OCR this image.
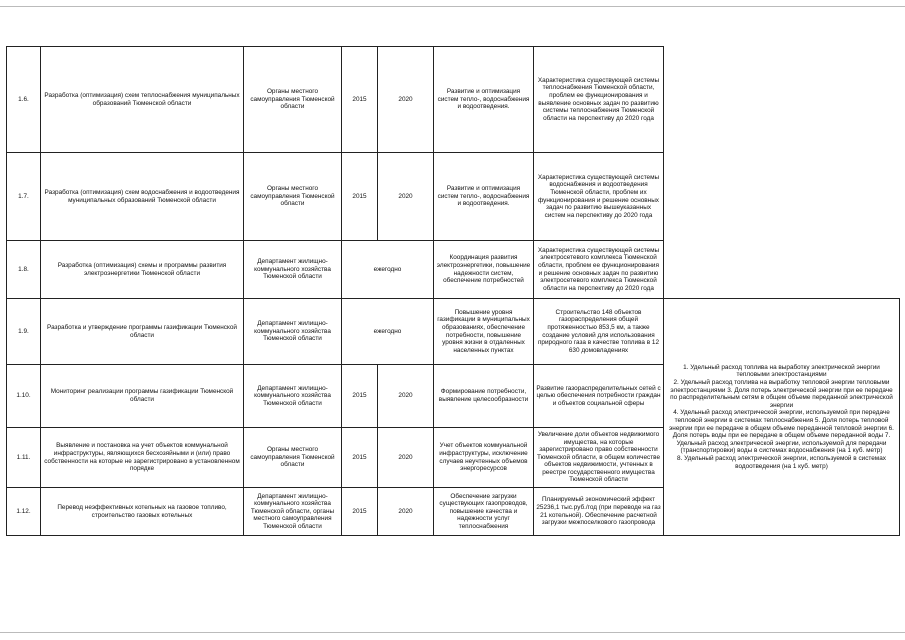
1.6.	Разработка (оптимизация) схем теплоснабжения муниципальных образований Тюменской области	Органы местного самоуправления Тюменской области	2015	2020	Развитие и оптимизация систем тепло-, водоснабжения и водоотведения.	Характеристика существующей системы теплоснабжения Тюменской области, проблем ее функционирования и выявление основных задач по развитию системы теплоснабжения Тюменской области на перспективу до 2020 года	
1.7.	Разработка (оптимизация) схем водоснабжения и водоотведения муниципальных образований Тюменской области	Органы местного самоуправления Тюменской области	2015	2020	Развитие и оптимизация систем тепло-, водоснабжения и водоотведения.	Характеристика существующей системы водоснабжения и водоотведения Тюменской области, проблем их функционирования и решение основных задач по развитию вышеуказанных систем на перспективу до 2020 года	
1.8.	Разработка (оптимизация) схемы и программы развития электроэнергетики Тюменской области	Департамент жилищно-коммунального хозяйства Тюменской области	ежегодно		Координация развития электроэнергетики, повышение надежности систем, обеспечение потребностей	Характеристика существующей системы электросетевого комплекса Тюменской области, проблем ее функционирования и решение основных задач по развитию электросетевого комплекса Тюменской области на перспективу до 2020 года	
1.9.	Разработка и утверждение программы газификации Тюменской области	Департамент жилищно-коммунального хозяйства Тюменской области	ежегодно		Повышение уровня газификации в муниципальных образованиях, обеспечение потребности, повышение уровня жизни в отдаленных населенных пунктах	Строительство 148 объектов газораспределения общей протяженностью 853,5 км, а также создание условий для использования природного газа в качестве топлива в 12 630 домовладениях	1. Удельный расход топлива на выработку электрической энергии тепловыми электростанциями
2. Удельный расход топлива на выработку тепловой энергии тепловыми электростанциями 3. Доля потерь электрической энергии при ее передаче по распределительным сетям в общем объеме переданной электрической энергии
4. Удельный расход электрической энергии, используемой при передаче тепловой энергии в системах теплоснабжения 5. Доля потерь тепловой энергии при ее передаче в общем объеме переданной тепловой энергии 6. Доля потерь воды при ее передаче в общем объеме переданной воды 7. Удельный расход электрической энергии, используемой для передачи (транспортировки) воды в системах водоснабжения (на 1 куб. метр)
8. Удельный расход электрической энергии, используемой в системах водоотведения (на 1 куб. метр)

1.10.	Мониторинг реализации программы газификации Тюменской области	Департамент жилищно-коммунального хозяйства Тюменской области	2015	2020	Формирование потребности, выявление целесообразности	Развитие газораспределительных сетей с целью обеспечения потребности граждан и объектов социальной сферы	
1.11.	Выявление и постановка на учет объектов коммунальной инфраструктуры, являющихся бесхозяйными и (или) право собственности на которые не зарегистрировано в установленном порядке	Органы местного самоуправления Тюменской области	2015	2020	Учет объектов коммунальной инфраструктуры, исключение случаев неучтенных объемов энергоресурсов	Увеличение доли объектов недвижимого имущества, на которые зарегистрировано право собственности Тюменской области, в общем количестве объектов недвижимости, учтенных в реестре государственного имущества Тюменской области	
1.12.	Перевод неэффективных котельных на газовое топливо, строительство газовых котельных	Департамент жилищно-коммунального хозяйства Тюменской области, органы местного самоуправления Тюменской области	2015	2020	Обеспечение загрузки существующих газопроводов, повышение качества и надежности услуг теплоснабжения	Планируемый экономический эффект 25236,1 тыс.руб./год (при переводе на газ 21 котельной). Обеспечение расчетной загрузки межпоселкового газопровода	
